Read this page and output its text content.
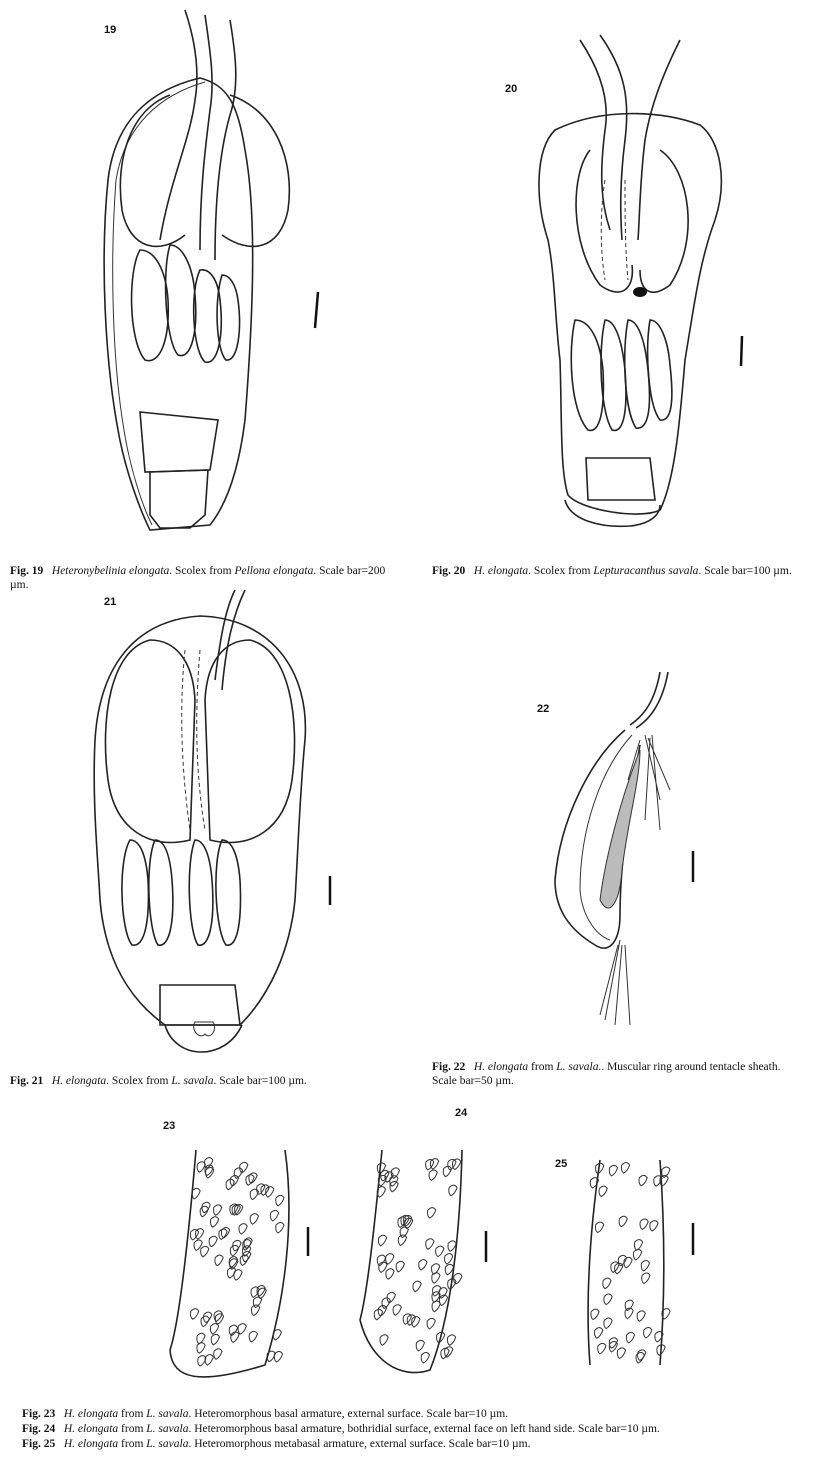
19
20
21
22
23
24
25
Fig. 19 Heteronybelinia elongata. Scolex from Pellona elongata. Scale bar=200 µm.
Fig. 20 H. elongata. Scolex from Lepturacanthus savala. Scale bar=100 µm.
Fig. 21 H. elongata. Scolex from L. savala. Scale bar=100 µm.
Fig. 22 H. elongata from L. savala.. Muscular ring around tentacle sheath. Scale bar=50 µm.
Fig. 23 H. elongata from L. savala. Heteromorphous basal armature, external surface. Scale bar=10 µm.
Fig. 24 H. elongata from L. savala. Heteromorphous basal armature, bothridial surface, external face on left hand side. Scale bar=10 µm.
Fig. 25 H. elongata from L. savala. Heteromorphous metabasal armature, external surface. Scale bar=10 µm.
